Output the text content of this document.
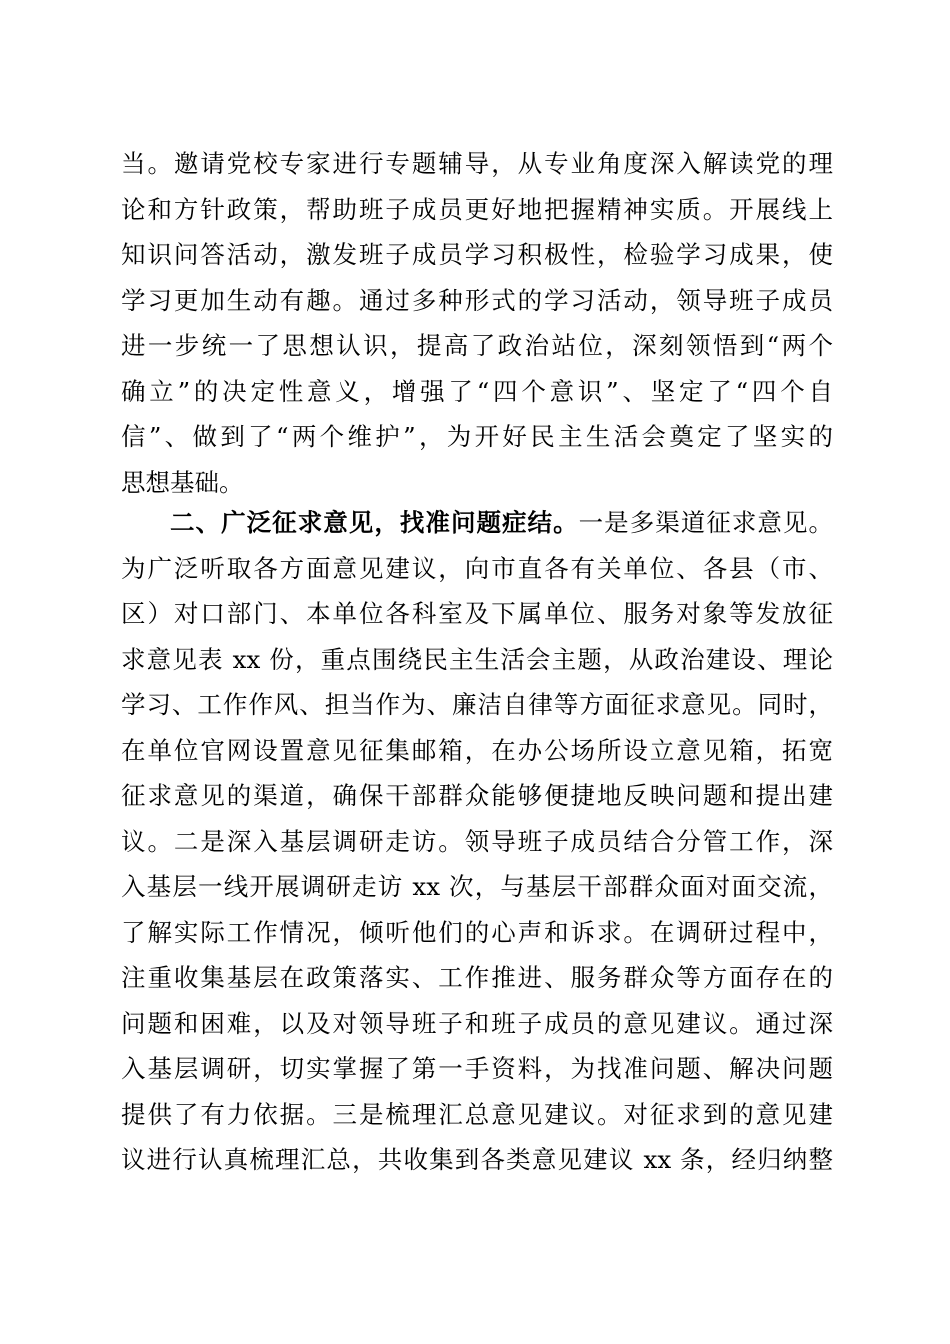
当。邀请党校专家进行专题辅导，从专业角度深入解读党的理
论和方针政策，帮助班子成员更好地把握精神实质。开展线上
知识问答活动，激发班子成员学习积极性，检验学习成果，使
学习更加生动有趣。通过多种形式的学习活动，领导班子成员
进一步统一了思想认识，提高了政治站位，深刻领悟到“两个
确立”的决定性意义，增强了“四个意识”、坚定了“四个自
信”、做到了“两个维护”，为开好民主生活会奠定了坚实的
思想基础。
二、广泛征求意见，找准问题症结。一是多渠道征求意见。
为广泛听取各方面意见建议，向市直各有关单位、各县（市、
区）对口部门、本单位各科室及下属单位、服务对象等发放征
求意见表 xx 份，重点围绕民主生活会主题，从政治建设、理论
学习、工作作风、担当作为、廉洁自律等方面征求意见。同时，
在单位官网设置意见征集邮箱，在办公场所设立意见箱，拓宽
征求意见的渠道，确保干部群众能够便捷地反映问题和提出建
议。二是深入基层调研走访。领导班子成员结合分管工作，深
入基层一线开展调研走访 xx 次，与基层干部群众面对面交流，
了解实际工作情况，倾听他们的心声和诉求。在调研过程中，
注重收集基层在政策落实、工作推进、服务群众等方面存在的
问题和困难，以及对领导班子和班子成员的意见建议。通过深
入基层调研，切实掌握了第一手资料，为找准问题、解决问题
提供了有力依据。三是梳理汇总意见建议。对征求到的意见建
议进行认真梳理汇总，共收集到各类意见建议 xx 条，经归纳整
